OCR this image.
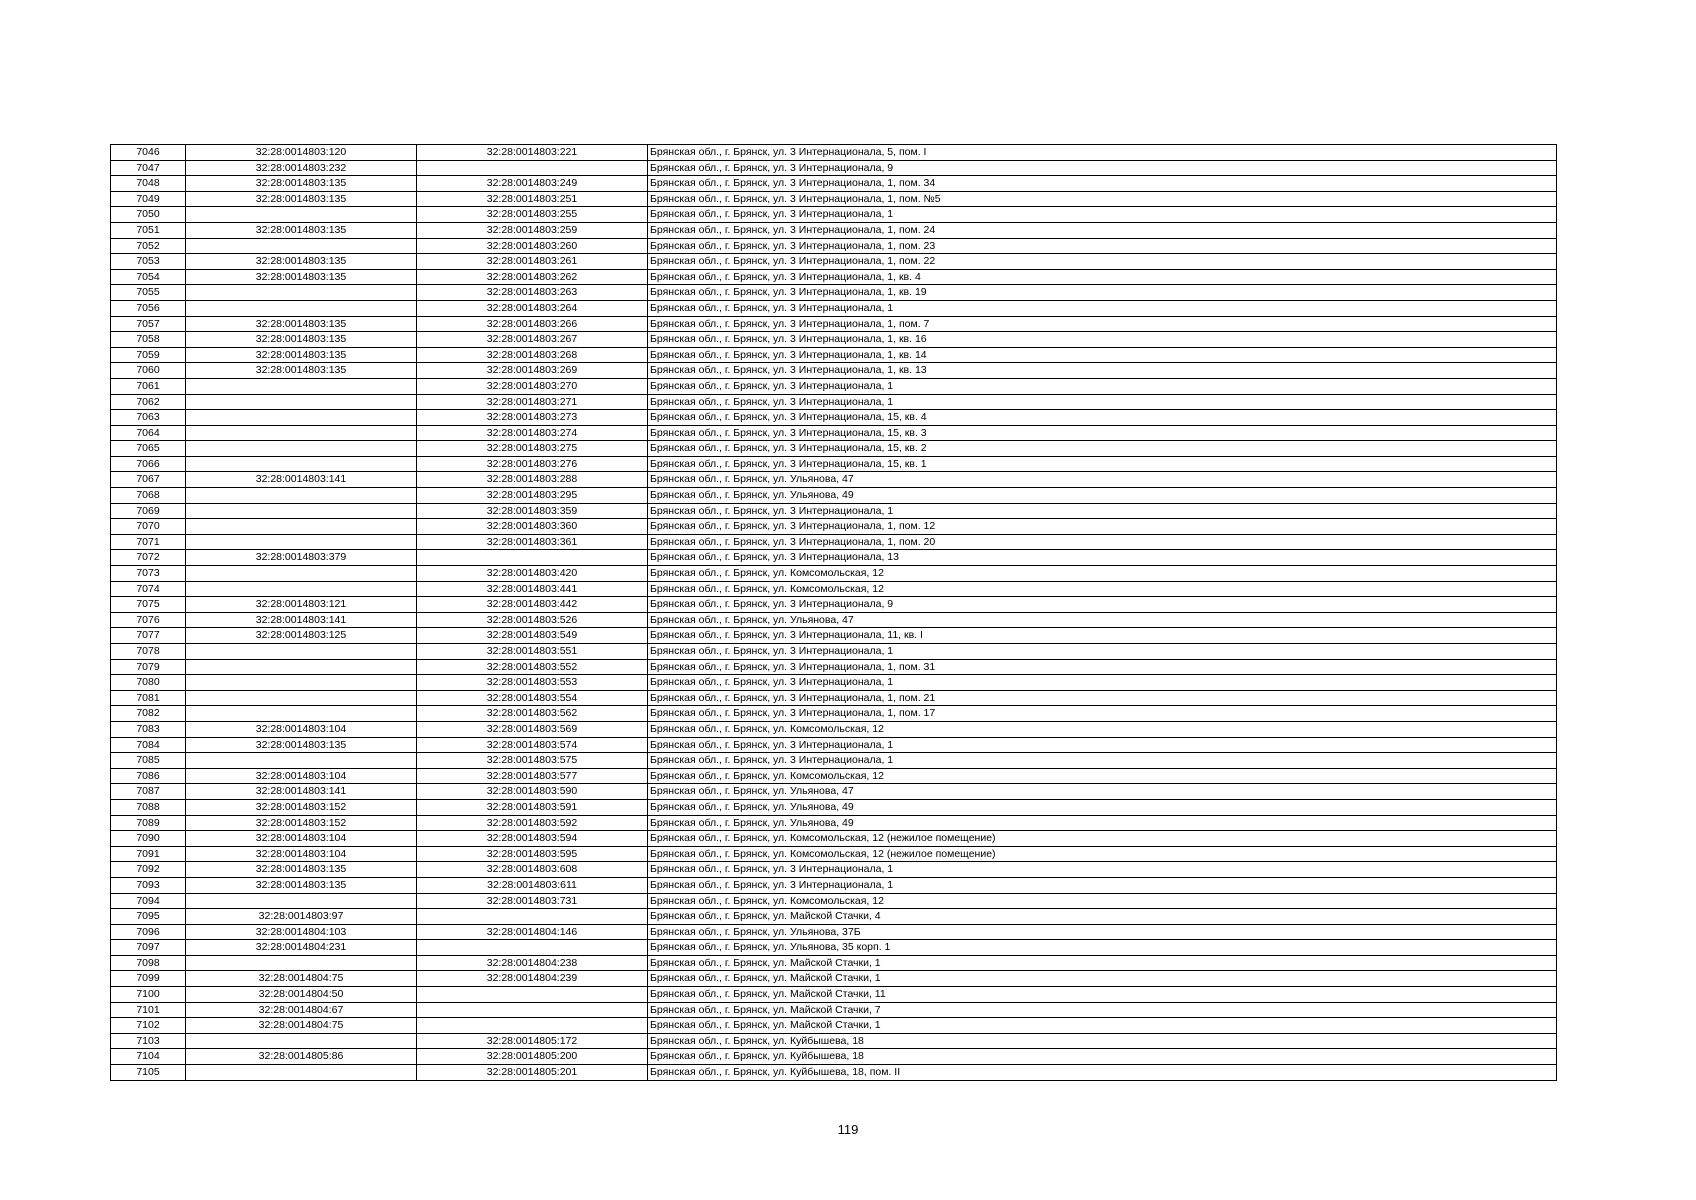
7046	32:28:0014803:120	32:28:0014803:221	Брянская обл., г. Брянск, ул. 3 Интернационала, 5, пом. I
7047	32:28:0014803:232		Брянская обл., г. Брянск, ул. 3 Интернационала, 9
7048	32:28:0014803:135	32:28:0014803:249	Брянская обл., г. Брянск, ул. 3 Интернационала, 1, пом. 34
7049	32:28:0014803:135	32:28:0014803:251	Брянская обл., г. Брянск, ул. 3 Интернационала, 1, пом. №5
7050		32:28:0014803:255	Брянская обл., г. Брянск, ул. 3 Интернационала, 1
7051	32:28:0014803:135	32:28:0014803:259	Брянская обл., г. Брянск, ул. 3 Интернационала, 1, пом. 24
7052		32:28:0014803:260	Брянская обл., г. Брянск, ул. 3 Интернационала, 1, пом. 23
7053	32:28:0014803:135	32:28:0014803:261	Брянская обл., г. Брянск, ул. 3 Интернационала, 1, пом. 22
7054	32:28:0014803:135	32:28:0014803:262	Брянская обл., г. Брянск, ул. 3 Интернационала, 1, кв. 4
7055		32:28:0014803:263	Брянская обл., г. Брянск, ул. 3 Интернационала, 1, кв. 19
7056		32:28:0014803:264	Брянская обл., г. Брянск, ул. 3 Интернационала, 1
7057	32:28:0014803:135	32:28:0014803:266	Брянская обл., г. Брянск, ул. 3 Интернационала, 1, пом. 7
7058	32:28:0014803:135	32:28:0014803:267	Брянская обл., г. Брянск, ул. 3 Интернационала, 1, кв. 16
7059	32:28:0014803:135	32:28:0014803:268	Брянская обл., г. Брянск, ул. 3 Интернационала, 1, кв. 14
7060	32:28:0014803:135	32:28:0014803:269	Брянская обл., г. Брянск, ул. 3 Интернационала, 1, кв. 13
7061		32:28:0014803:270	Брянская обл., г. Брянск, ул. 3 Интернационала, 1
7062		32:28:0014803:271	Брянская обл., г. Брянск, ул. 3 Интернационала, 1
7063		32:28:0014803:273	Брянская обл., г. Брянск, ул. 3 Интернационала, 15, кв. 4
7064		32:28:0014803:274	Брянская обл., г. Брянск, ул. 3 Интернационала, 15, кв. 3
7065		32:28:0014803:275	Брянская обл., г. Брянск, ул. 3 Интернационала, 15, кв. 2
7066		32:28:0014803:276	Брянская обл., г. Брянск, ул. 3 Интернационала, 15, кв. 1
7067	32:28:0014803:141	32:28:0014803:288	Брянская обл., г. Брянск, ул. Ульянова, 47
7068		32:28:0014803:295	Брянская обл., г. Брянск, ул. Ульянова, 49
7069		32:28:0014803:359	Брянская обл., г. Брянск, ул. 3 Интернационала, 1
7070		32:28:0014803:360	Брянская обл., г. Брянск, ул. 3 Интернационала, 1, пом. 12
7071		32:28:0014803:361	Брянская обл., г. Брянск, ул. 3 Интернационала, 1, пом. 20
7072	32:28:0014803:379		Брянская обл., г. Брянск, ул. 3 Интернационала, 13
7073		32:28:0014803:420	Брянская обл., г. Брянск, ул. Комсомольская, 12
7074		32:28:0014803:441	Брянская обл., г. Брянск, ул. Комсомольская, 12
7075	32:28:0014803:121	32:28:0014803:442	Брянская обл., г. Брянск, ул. 3 Интернационала, 9
7076	32:28:0014803:141	32:28:0014803:526	Брянская обл., г. Брянск, ул. Ульянова, 47
7077	32:28:0014803:125	32:28:0014803:549	Брянская обл., г. Брянск, ул. 3 Интернационала, 11, кв. I
7078		32:28:0014803:551	Брянская обл., г. Брянск, ул. 3 Интернационала, 1
7079		32:28:0014803:552	Брянская обл., г. Брянск, ул. 3 Интернационала, 1, пом. 31
7080		32:28:0014803:553	Брянская обл., г. Брянск, ул. 3 Интернационала, 1
7081		32:28:0014803:554	Брянская обл., г. Брянск, ул. 3 Интернационала, 1, пом. 21
7082		32:28:0014803:562	Брянская обл., г. Брянск, ул. 3 Интернационала, 1, пом. 17
7083	32:28:0014803:104	32:28:0014803:569	Брянская обл., г. Брянск, ул. Комсомольская, 12
7084	32:28:0014803:135	32:28:0014803:574	Брянская обл., г. Брянск, ул. 3 Интернационала, 1
7085		32:28:0014803:575	Брянская обл., г. Брянск, ул. 3 Интернационала, 1
7086	32:28:0014803:104	32:28:0014803:577	Брянская обл., г. Брянск, ул. Комсомольская, 12
7087	32:28:0014803:141	32:28:0014803:590	Брянская обл., г. Брянск, ул. Ульянова, 47
7088	32:28:0014803:152	32:28:0014803:591	Брянская обл., г. Брянск, ул. Ульянова, 49
7089	32:28:0014803:152	32:28:0014803:592	Брянская обл., г. Брянск, ул. Ульянова, 49
7090	32:28:0014803:104	32:28:0014803:594	Брянская обл., г. Брянск, ул. Комсомольская, 12 (нежилое помещение)
7091	32:28:0014803:104	32:28:0014803:595	Брянская обл., г. Брянск, ул. Комсомольская, 12 (нежилое помещение)
7092	32:28:0014803:135	32:28:0014803:608	Брянская обл., г. Брянск, ул. 3 Интернационала, 1
7093	32:28:0014803:135	32:28:0014803:611	Брянская обл., г. Брянск, ул. 3 Интернационала, 1
7094		32:28:0014803:731	Брянская обл., г. Брянск, ул. Комсомольская, 12
7095	32:28:0014803:97		Брянская обл., г. Брянск, ул. Майской Стачки, 4
7096	32:28:0014804:103	32:28:0014804:146	Брянская обл., г. Брянск, ул. Ульянова, 37Б
7097	32:28:0014804:231		Брянская обл., г. Брянск, ул. Ульянова, 35 корп. 1
7098		32:28:0014804:238	Брянская обл., г. Брянск, ул. Майской Стачки, 1
7099	32:28:0014804:75	32:28:0014804:239	Брянская обл., г. Брянск, ул. Майской Стачки, 1
7100	32:28:0014804:50		Брянская обл., г. Брянск, ул. Майской Стачки, 11
7101	32:28:0014804:67		Брянская обл., г. Брянск, ул. Майской Стачки, 7
7102	32:28:0014804:75		Брянская обл., г. Брянск, ул. Майской Стачки, 1
7103		32:28:0014805:172	Брянская обл., г. Брянск, ул. Куйбышева, 18
7104	32:28:0014805:86	32:28:0014805:200	Брянская обл., г. Брянск, ул. Куйбышева, 18
7105		32:28:0014805:201	Брянская обл., г. Брянск, ул. Куйбышева, 18, пом. II
119
